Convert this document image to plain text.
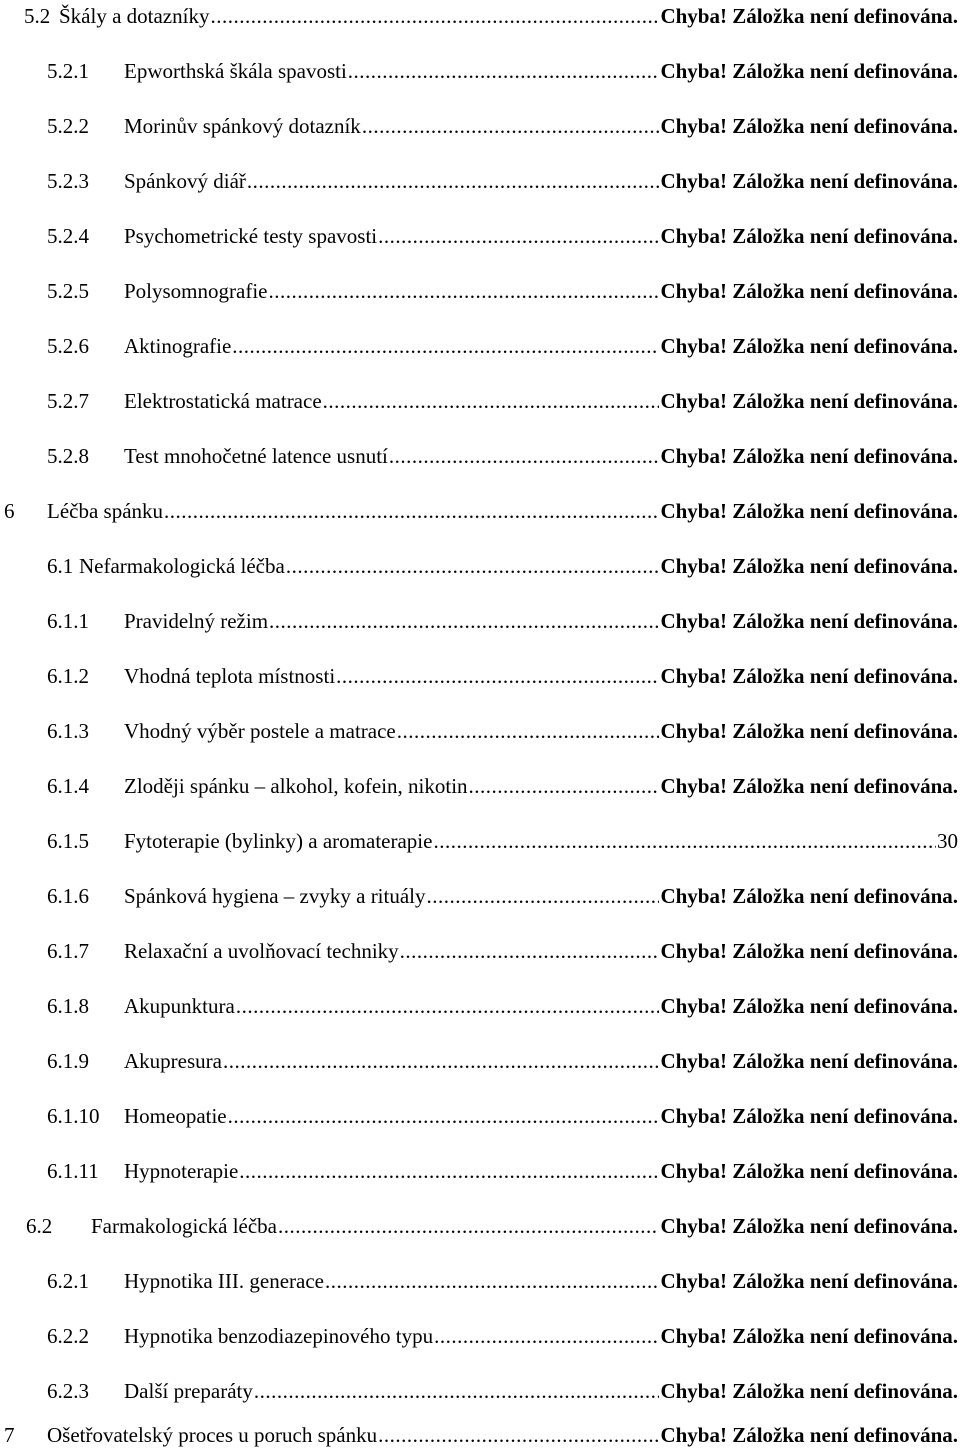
5.2 Škály a dotazníky .....	Chyba! Záložka není definována.
5.2.1	Epworthská škála spavosti .....	Chyba! Záložka není definována.
5.2.2	Morinův spánkový dotazník .....	Chyba! Záložka není definována.
5.2.3	Spánkový diář .....	Chyba! Záložka není definována.
5.2.4	Psychometrické testy spavosti .....	Chyba! Záložka není definována.
5.2.5	Polysomnografie .....	Chyba! Záložka není definována.
5.2.6	Aktinografie .....	Chyba! Záložka není definována.
5.2.7	Elektrostatická matrace .....	Chyba! Záložka není definována.
5.2.8	Test mnohočetné latence usnutí .....	Chyba! Záložka není definována.
6	Léčba spánku .....	Chyba! Záložka není definována.
6.1 Nefarmakologická léčba .....	Chyba! Záložka není definována.
6.1.1	Pravidelný režim .....	Chyba! Záložka není definována.
6.1.2	Vhodná teplota místnosti .....	Chyba! Záložka není definována.
6.1.3	Vhodný výběr postele a matrace .....	Chyba! Záložka není definována.
6.1.4	Zloději spánku – alkohol, kofein, nikotin .....	Chyba! Záložka není definována.
6.1.5	Fytoterapie (bylinky) a aromaterapie .....	30
6.1.6	Spánková hygiena – zvyky a rituály .....	Chyba! Záložka není definována.
6.1.7	Relaxační a uvolňovací techniky .....	Chyba! Záložka není definována.
6.1.8	Akupunktura .....	Chyba! Záložka není definována.
6.1.9	Akupresura .....	Chyba! Záložka není definována.
6.1.10	Homeopatie .....	Chyba! Záložka není definována.
6.1.11	Hypnoterapie .....	Chyba! Záložka není definována.
6.2	Farmakologická léčba .....	Chyba! Záložka není definována.
6.2.1	Hypnotika III. generace .....	Chyba! Záložka není definována.
6.2.2	Hypnotika benzodiazepinového typu .....	Chyba! Záložka není definována.
6.2.3	Další preparáty .....	Chyba! Záložka není definována.
7	Ošetřovatelský proces u poruch spánku .....	Chyba! Záložka není definována.
